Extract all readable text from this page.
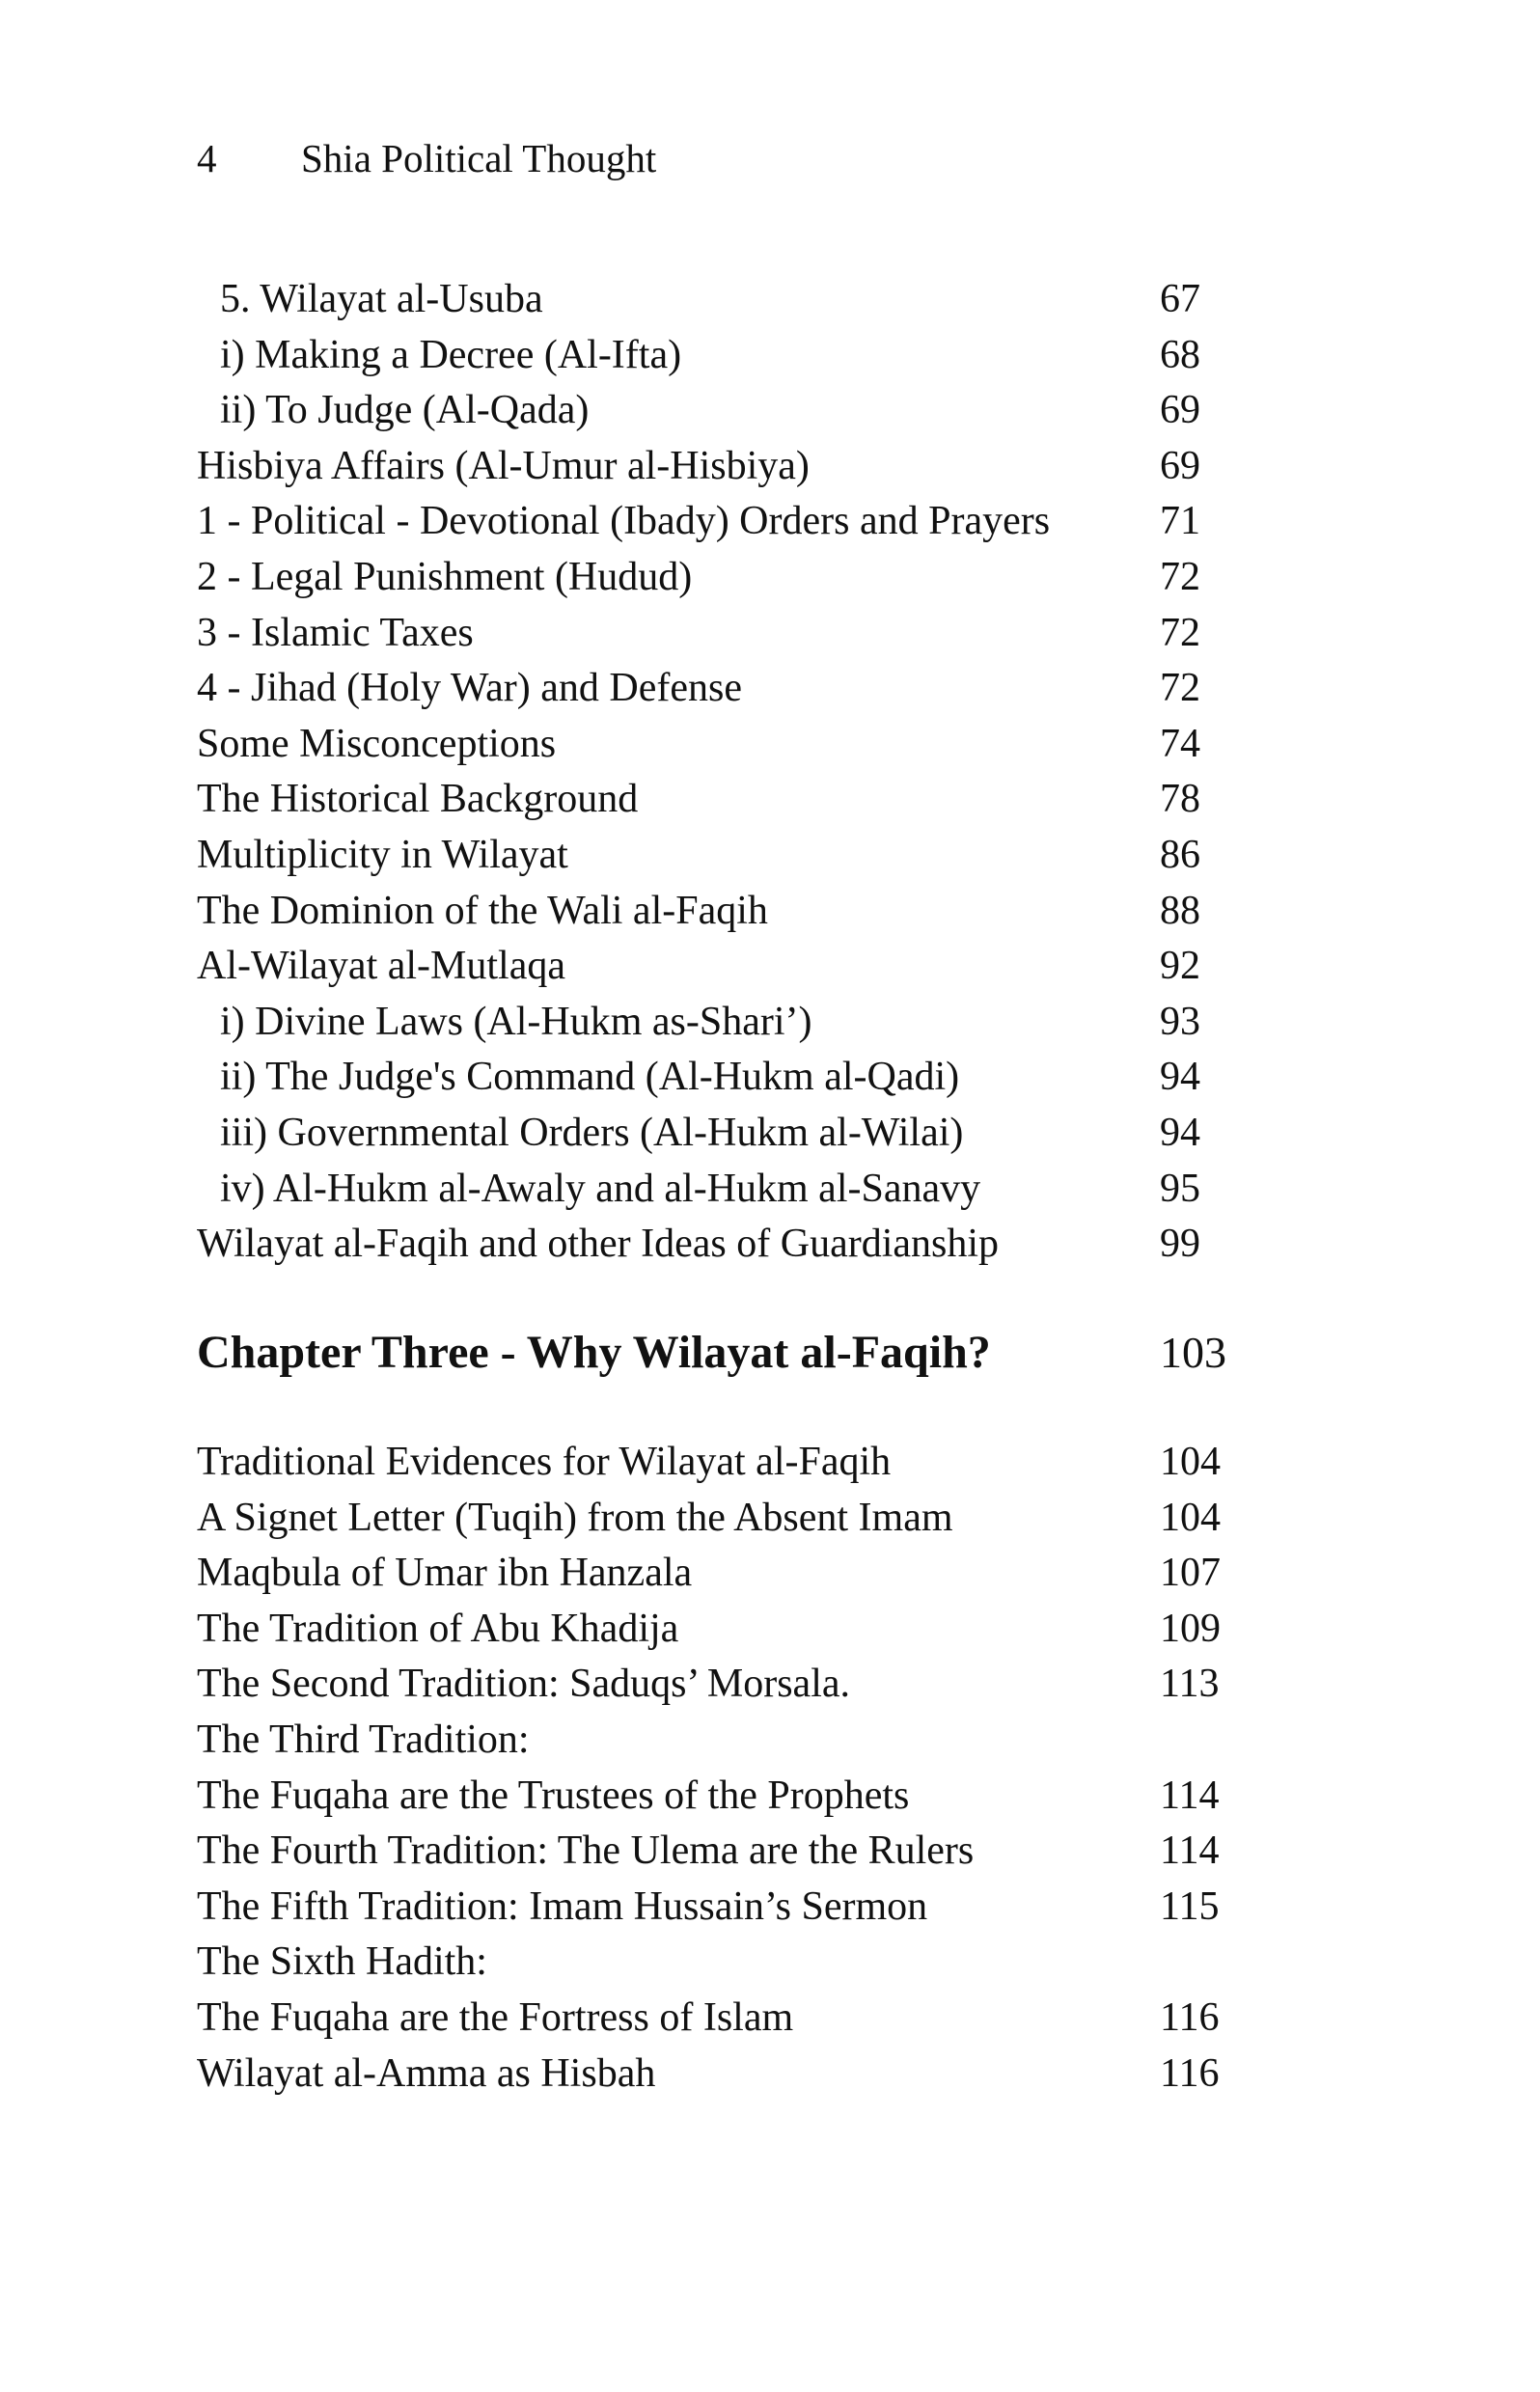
4 Shia Political Thought
5. Wilayat al-Usuba	67
i) Making a Decree (Al-Ifta)	68
ii) To Judge (Al-Qada)	69
Hisbiya Affairs (Al-Umur al-Hisbiya)	69
1 - Political - Devotional (Ibady) Orders and Prayers	71
2 - Legal Punishment (Hudud)	72
3 - Islamic Taxes	72
4 - Jihad (Holy War) and Defense	72
Some Misconceptions	74
The Historical Background	78
Multiplicity in Wilayat	86
The Dominion of the Wali al-Faqih	88
Al-Wilayat al-Mutlaqa	92
i) Divine Laws (Al-Hukm as-Shari’)	93
ii) The Judge's Command (Al-Hukm al-Qadi)	94
iii) Governmental Orders (Al-Hukm al-Wilai)	94
iv) Al-Hukm al-Awaly and al-Hukm al-Sanavy	95
Wilayat al-Faqih and other Ideas of Guardianship	99
Chapter Three - Why Wilayat al-Faqih?	103
Traditional Evidences for Wilayat al-Faqih	104
A Signet Letter (Tuqih) from the Absent Imam	104
Maqbula of Umar ibn Hanzala	107
The Tradition of Abu Khadija	109
The Second Tradition: Saduqs’ Morsala.	113
The Third Tradition:
The Fuqaha are the Trustees of the Prophets	114
The Fourth Tradition: The Ulema are the Rulers	114
The Fifth Tradition: Imam Hussain’s Sermon	115
The Sixth Hadith:
The Fuqaha are the Fortress of Islam	116
Wilayat al-Amma as Hisbah	116
